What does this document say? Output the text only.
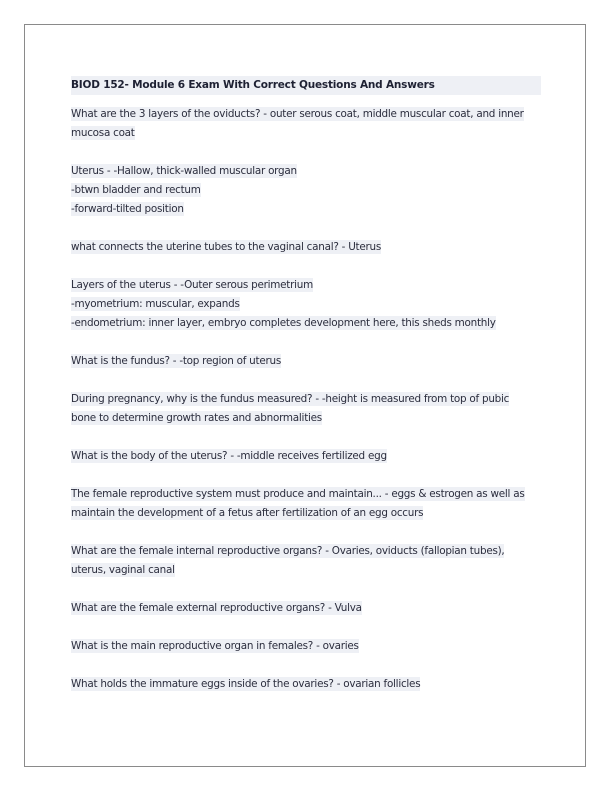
BIOD 152- Module 6 Exam With Correct Questions And Answers
What are the 3 layers of the oviducts? - outer serous coat, middle muscular coat, and inner
mucosa coat
Uterus - -Hallow, thick-walled muscular organ
-btwn bladder and rectum
-forward-tilted position
what connects the uterine tubes to the vaginal canal? - Uterus
Layers of the uterus - -Outer serous perimetrium
-myometrium: muscular, expands
-endometrium: inner layer, embryo completes development here, this sheds monthly
What is the fundus? - -top region of uterus
During pregnancy, why is the fundus measured? - -height is measured from top of pubic
bone to determine growth rates and abnormalities
What is the body of the uterus? - -middle receives fertilized egg
The female reproductive system must produce and maintain... - eggs & estrogen as well as
maintain the development of a fetus after fertilization of an egg occurs
What are the female internal reproductive organs? - Ovaries, oviducts (fallopian tubes),
uterus, vaginal canal
What are the female external reproductive organs? - Vulva
What is the main reproductive organ in females? - ovaries
What holds the immature eggs inside of the ovaries? - ovarian follicles
